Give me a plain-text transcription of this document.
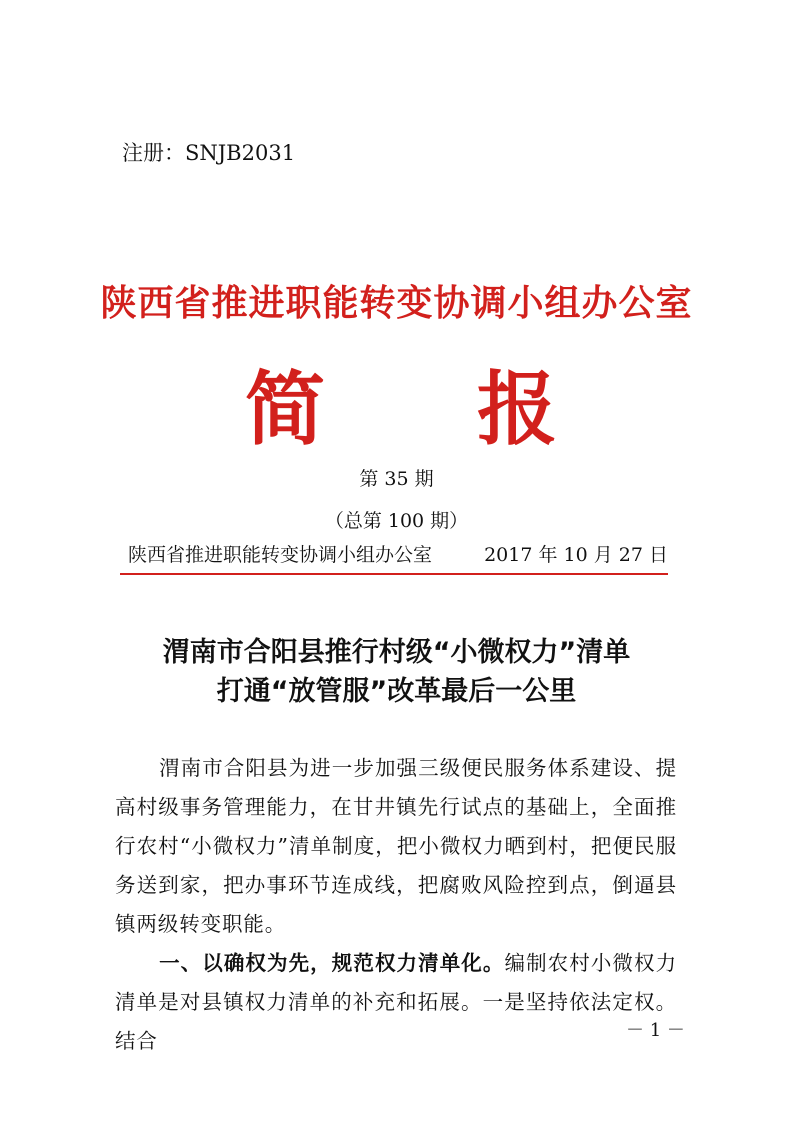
注册：SNJB2031
陕西省推进职能转变协调小组办公室
简 报
第 35 期
（总第 100 期）
陕西省推进职能转变协调小组办公室	2017 年 10 月 27 日
渭南市合阳县推行村级“小微权力”清单
打通“放管服”改革最后一公里

渭南市合阳县为进一步加强三级便民服务体系建设、提高村级事务管理能力，在甘井镇先行试点的基础上，全面推行农村“小微权力”清单制度，把小微权力晒到村，把便民服务送到家，把办事环节连成线，把腐败风险控到点，倒逼县镇两级转变职能。

一、以确权为先，规范权力清单化。编制农村小微权力清单是对县镇权力清单的补充和拓展。一是坚持依法定权。结合	－ 1 －
